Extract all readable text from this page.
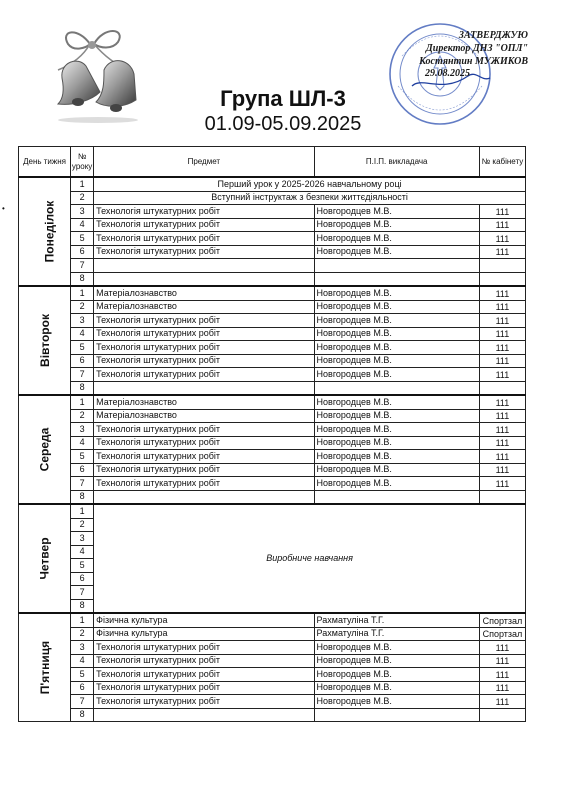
ЗАТВЕРДЖУЮ
Директор ДНЗ "ОПЛ"
Костянтин МУЖИКОВ
29.08.2025
Група ШЛ-3
01.09-05.09.2025
•
День тижня	№ уроку	Предмет	П.І.П. викладача	№ кабінету
Понеділок	1	Перший урок у 2025-2026 навчальному році		
	2	Вступний інструктаж з безпеки життєдіяльності		
	3	Технологія штукатурних робіт	Новгородцев М.В.	111
	4	Технологія штукатурних робіт	Новгородцев М.В.	111
	5	Технологія штукатурних робіт	Новгородцев М.В.	111
	6	Технологія штукатурних робіт	Новгородцев М.В.	111
	7			
	8			
Вівторок	1	Матеріалознавство	Новгородцев М.В.	111
	2	Матеріалознавство	Новгородцев М.В.	111
	3	Технологія штукатурних робіт	Новгородцев М.В.	111
	4	Технологія штукатурних робіт	Новгородцев М.В.	111
	5	Технологія штукатурних робіт	Новгородцев М.В.	111
	6	Технологія штукатурних робіт	Новгородцев М.В.	111
	7	Технологія штукатурних робіт	Новгородцев М.В.	111
	8			
Середа	1	Матеріалознавство	Новгородцев М.В.	111
	2	Матеріалознавство	Новгородцев М.В.	111
	3	Технологія штукатурних робіт	Новгородцев М.В.	111
	4	Технологія штукатурних робіт	Новгородцев М.В.	111
	5	Технологія штукатурних робіт	Новгородцев М.В.	111
	6	Технологія штукатурних робіт	Новгородцев М.В.	111
	7	Технологія штукатурних робіт	Новгородцев М.В.	111
	8			
Четвер	1	Виробниче навчання		
	2			
	3			
	4			
	5			
	6			
	7			
	8			
П'ятниця	1	Фізична культура	Рахматуліна Т.Г.	Спортзал
	2	Фізична культура	Рахматуліна Т.Г.	Спортзал
	3	Технологія штукатурних робіт	Новгородцев М.В.	111
	4	Технологія штукатурних робіт	Новгородцев М.В.	111
	5	Технологія штукатурних робіт	Новгородцев М.В.	111
	6	Технологія штукатурних робіт	Новгородцев М.В.	111
	7	Технологія штукатурних робіт	Новгородцев М.В.	111
	8			
